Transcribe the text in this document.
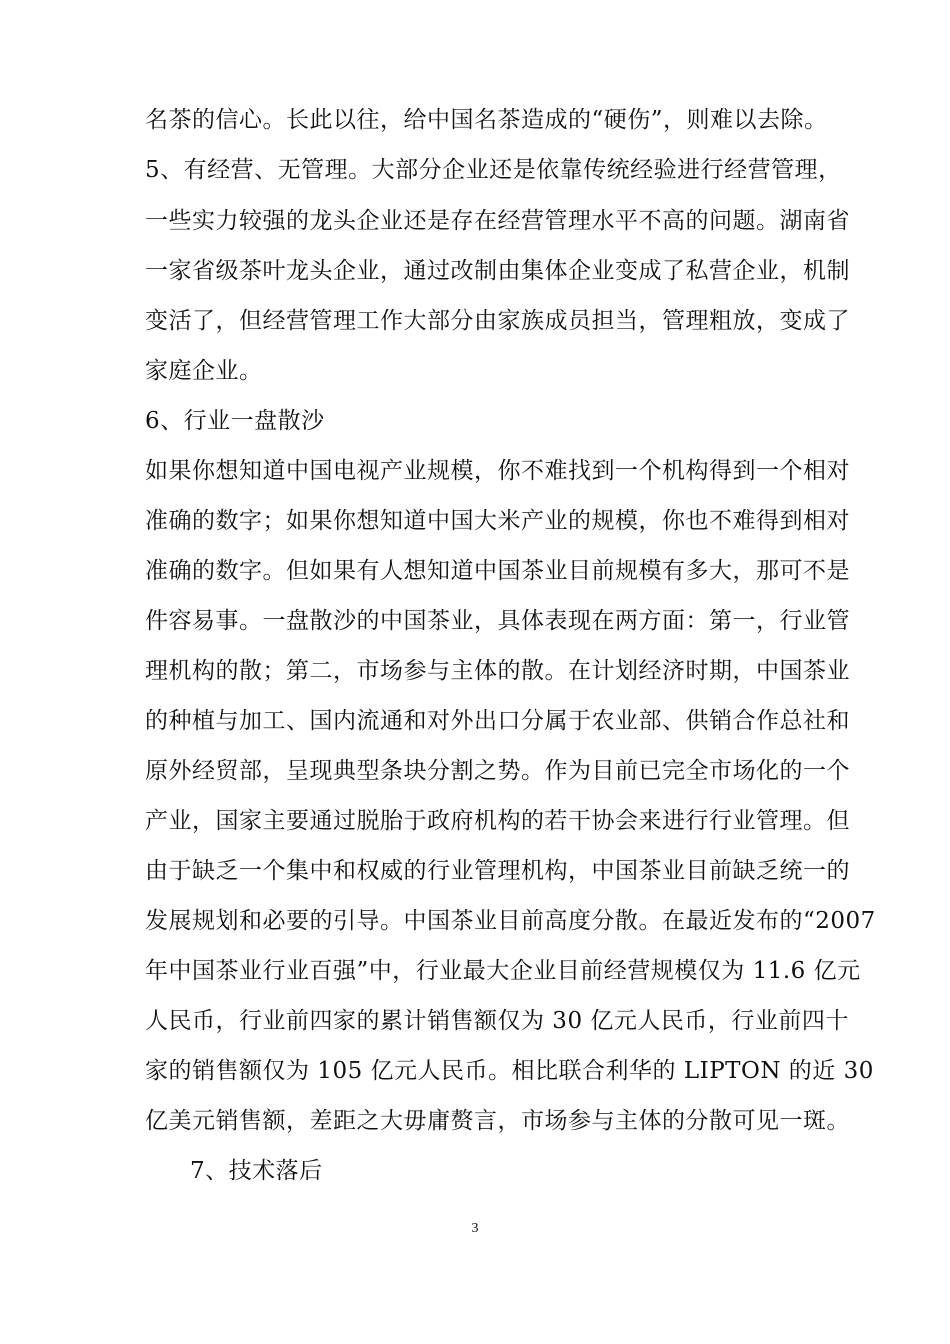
名茶的信心。长此以往，给中国名茶造成的“硬伤”，则难以去除。
5、有经营、无管理。大部分企业还是依靠传统经验进行经营管理，
一些实力较强的龙头企业还是存在经营管理水平不高的问题。湖南省
一家省级茶叶龙头企业，通过改制由集体企业变成了私营企业，机制
变活了，但经营管理工作大部分由家族成员担当，管理粗放，变成了
家庭企业。
6、行业一盘散沙
如果你想知道中国电视产业规模，你不难找到一个机构得到一个相对
准确的数字；如果你想知道中国大米产业的规模，你也不难得到相对
准确的数字。但如果有人想知道中国茶业目前规模有多大，那可不是
件容易事。一盘散沙的中国茶业，具体表现在两方面：第一，行业管
理机构的散；第二，市场参与主体的散。在计划经济时期，中国茶业
的种植与加工、国内流通和对外出口分属于农业部、供销合作总社和
原外经贸部，呈现典型条块分割之势。作为目前已完全市场化的一个
产业，国家主要通过脱胎于政府机构的若干协会来进行行业管理。但
由于缺乏一个集中和权威的行业管理机构，中国茶业目前缺乏统一的
发展规划和必要的引导。中国茶业目前高度分散。在最近发布的“2007
年中国茶业行业百强”中，行业最大企业目前经营规模仅为 11.6 亿元
人民币，行业前四家的累计销售额仅为 30 亿元人民币，行业前四十
家的销售额仅为 105 亿元人民币。相比联合利华的 LIPTON 的近 30
亿美元销售额，差距之大毋庸赘言，市场参与主体的分散可见一斑。
7、技术落后
3
